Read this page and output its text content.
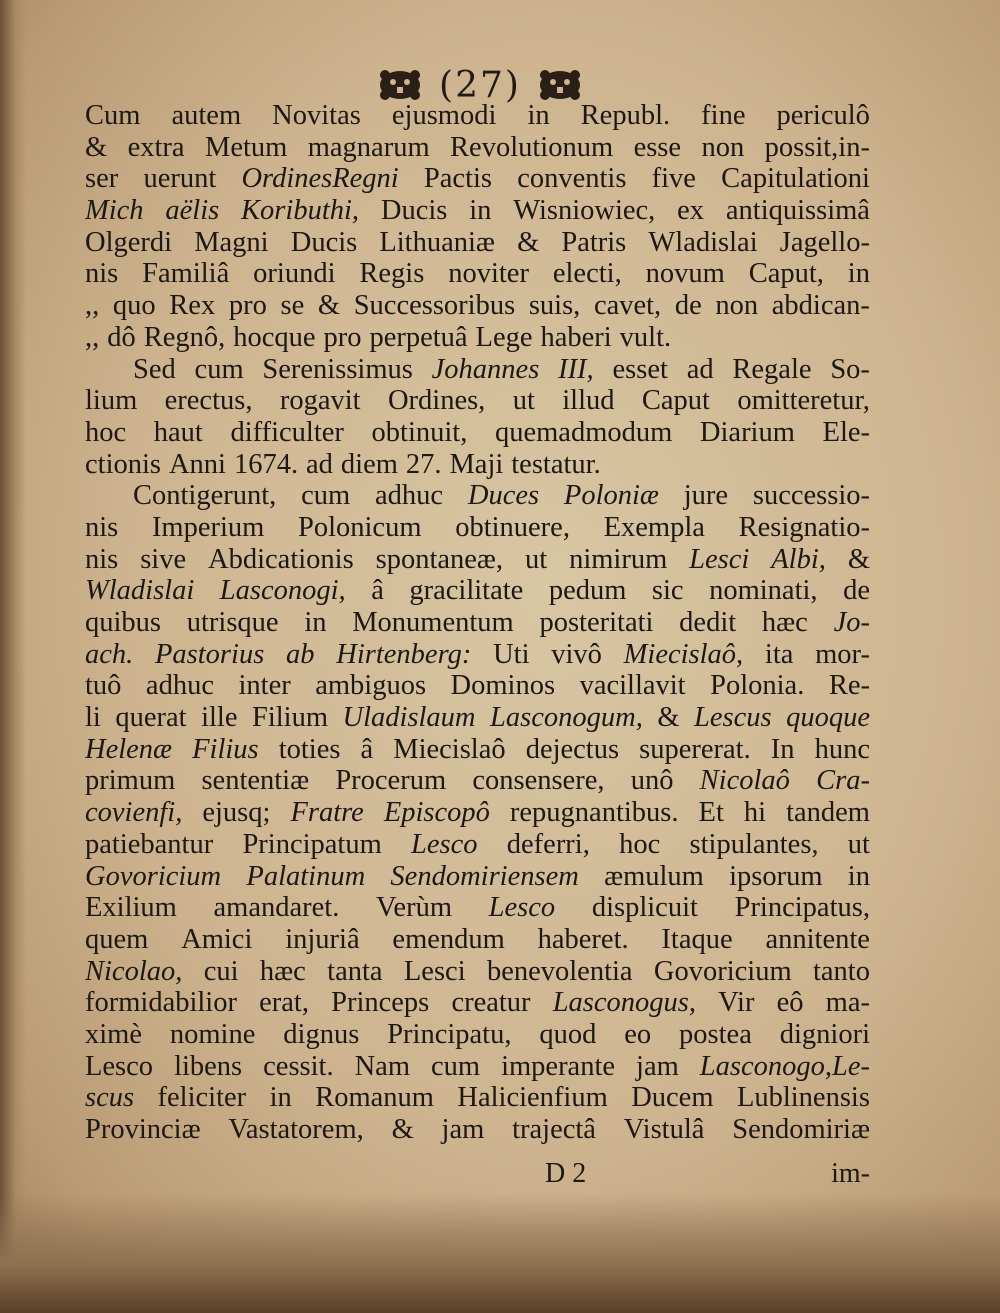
(27)
Cum autem Novitas ejusmodi in Republ. fine periculô
& extra Metum magnarum Revolutionum esse non possit,in-
ser uerunt OrdinesRegni Pactis conventis five Capitulationi
Mich aëlis Koributhi, Ducis in Wisniowiec, ex antiquissimâ
Olgerdi Magni Ducis Lithuaniæ & Patris Wladislai Jagello-
nis Familiâ oriundi Regis noviter electi, novum Caput, in
,, quo Rex pro se & Successoribus suis, cavet, de non abdican-
,, dô Regnô, hocque pro perpetuâ Lege haberi vult.
Sed cum Serenissimus Johannes III, esset ad Regale So-
lium erectus, rogavit Ordines, ut illud Caput omitteretur,
hoc haut difficulter obtinuit, quemadmodum Diarium Ele-
ctionis Anni 1674. ad diem 27. Maji testatur.
Contigerunt, cum adhuc Duces Poloniæ jure successio-
nis Imperium Polonicum obtinuere, Exempla Resignatio-
nis sive Abdicationis spontaneæ, ut nimirum Lesci Albi, &
Wladislai Lasconogi, â gracilitate pedum sic nominati, de
quibus utrisque in Monumentum posteritati dedit hæc Jo-
ach. Pastorius ab Hirtenberg: Uti vivô Miecislaô, ita mor-
tuô adhuc inter ambiguos Dominos vacillavit Polonia. Re-
li querat ille Filium Uladislaum Lasconogum, & Lescus quoque
Helenæ Filius toties â Miecislaô dejectus supererat. In hunc
primum sententiæ Procerum consensere, unô Nicolaô Cra-
covienfi, ejusq; Fratre Episcopô repugnantibus. Et hi tandem
patiebantur Principatum Lesco deferri, hoc stipulantes, ut
Govoricium Palatinum Sendomiriensem æmulum ipsorum in
Exilium amandaret. Verùm Lesco displicuit Principatus,
quem Amici injuriâ emendum haberet. Itaque annitente
Nicolao, cui hæc tanta Lesci benevolentia Govoricium tanto
formidabilior erat, Princeps creatur Lasconogus, Vir eô ma-
ximè nomine dignus Principatu, quod eo postea digniori
Lesco libens cessit. Nam cum imperante jam Lasconogo,Le-
scus feliciter in Romanum Halicienfium Ducem Lublinensis
Provinciæ Vastatorem, & jam trajectâ Vistulâ Sendomiriæ
D 2	im-
